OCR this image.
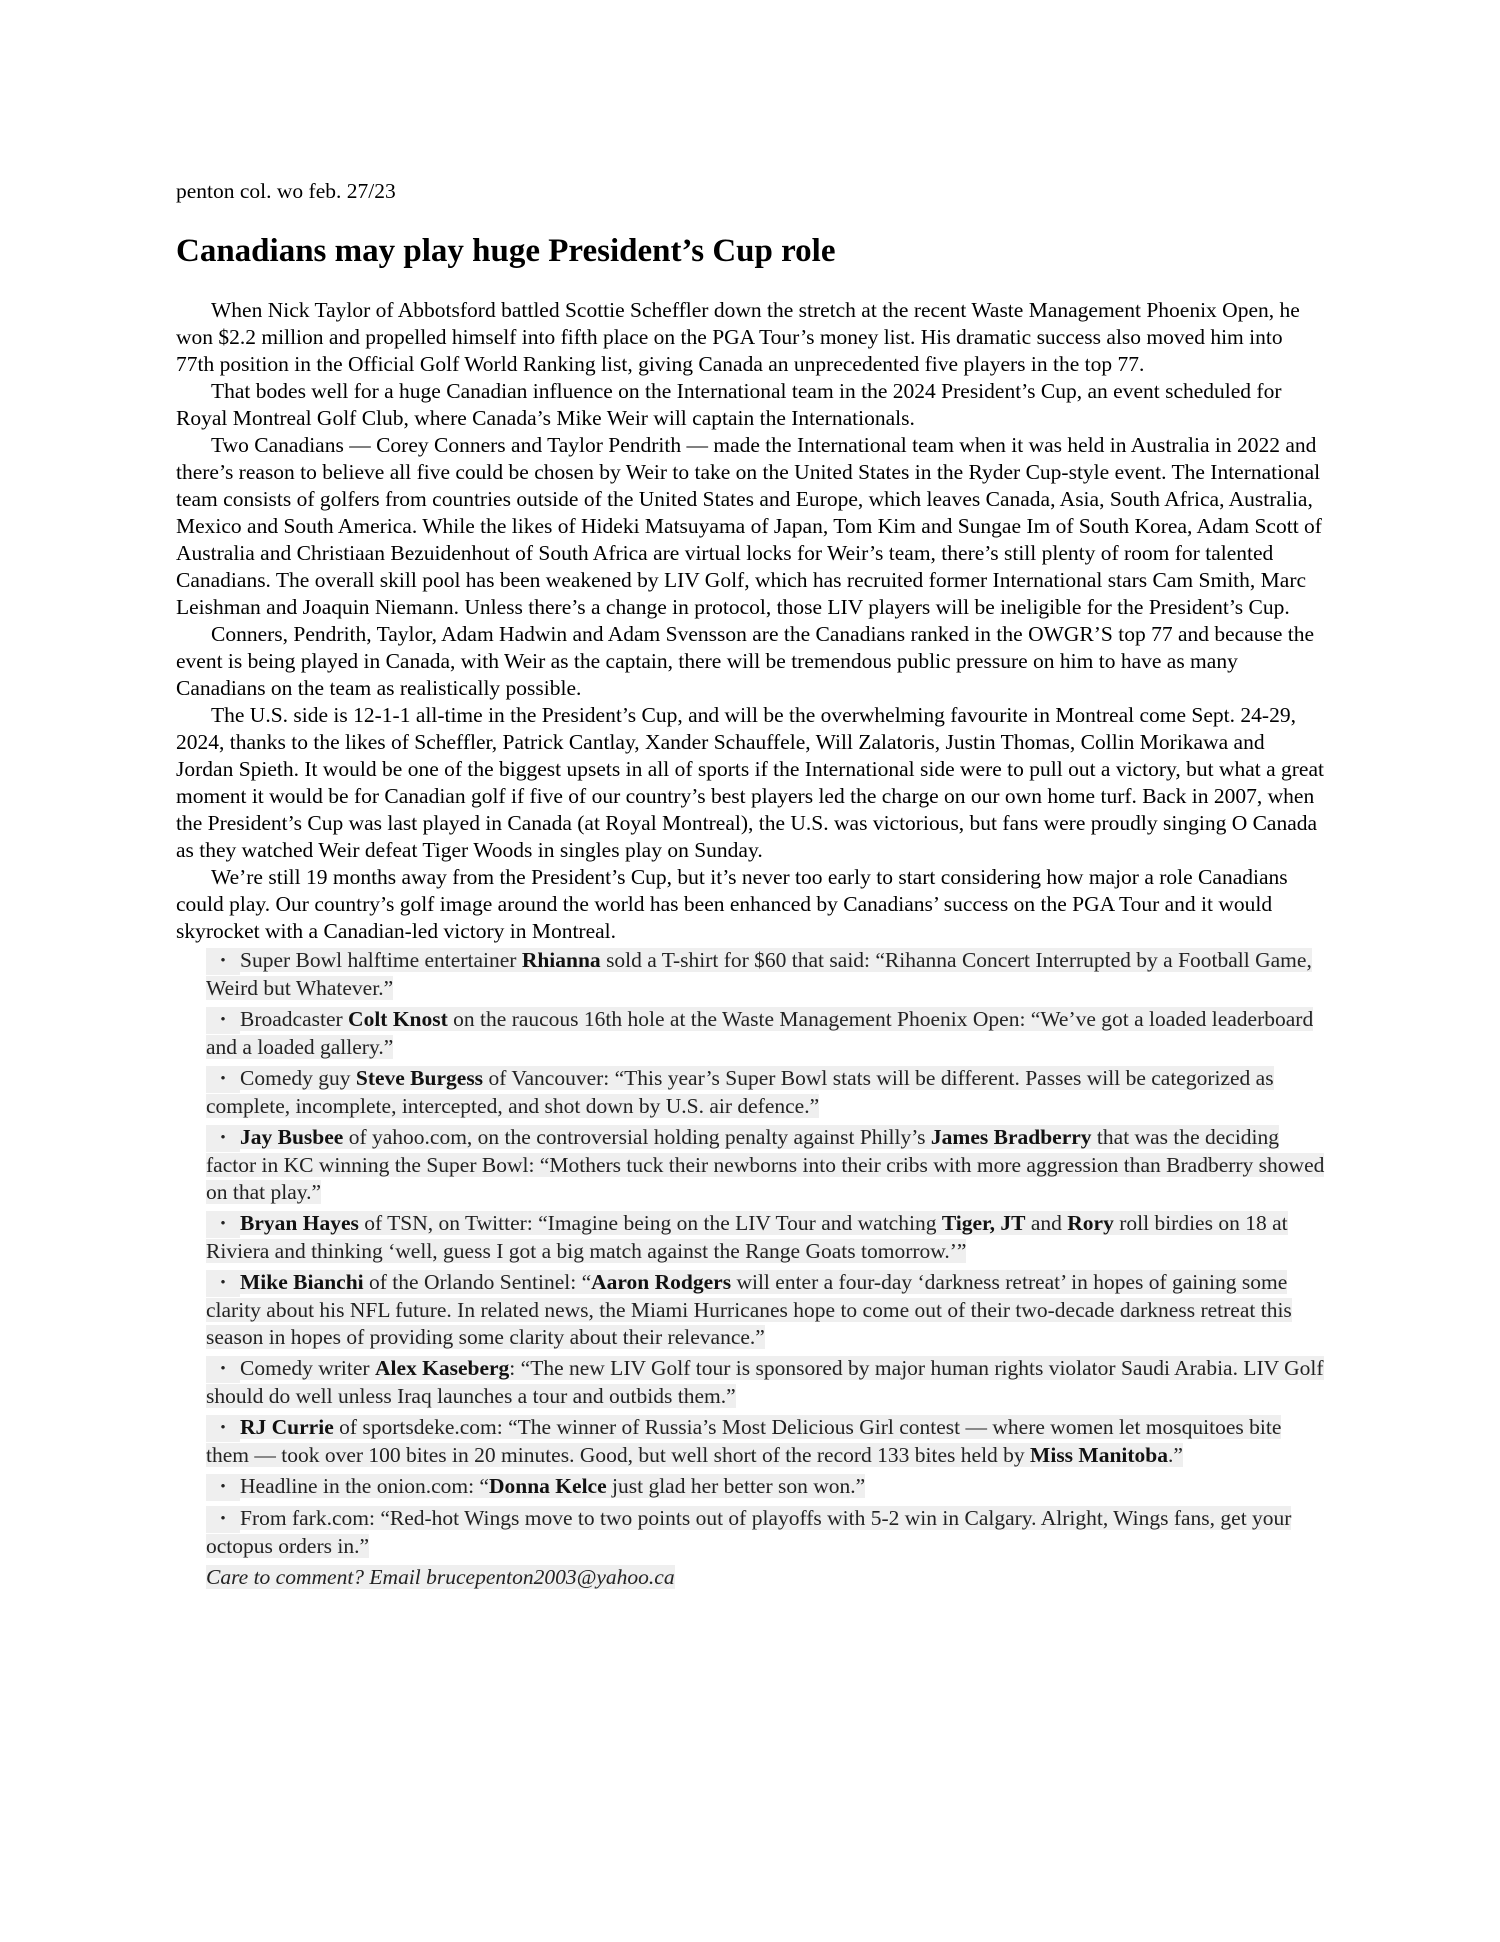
penton col. wo feb. 27/23

Canadians may play huge President’s Cup role

When Nick Taylor of Abbotsford battled Scottie Scheffler down the stretch at the recent Waste Management Phoenix Open, he won $2.2 million and propelled himself into fifth place on the PGA Tour’s money list. His dramatic success also moved him into 77th position in the Official Golf World Ranking list, giving Canada an unprecedented five players in the top 77.

That bodes well for a huge Canadian influence on the International team in the 2024 President’s Cup, an event scheduled for Royal Montreal Golf Club, where Canada’s Mike Weir will captain the Internationals.

Two Canadians — Corey Conners and Taylor Pendrith — made the International team when it was held in Australia in 2022 and there’s reason to believe all five could be chosen by Weir to take on the United States in the Ryder Cup-style event. The International team consists of golfers from countries outside of the United States and Europe, which leaves Canada, Asia, South Africa, Australia, Mexico and South America. While the likes of Hideki Matsuyama of Japan, Tom Kim and Sungae Im of South Korea, Adam Scott of Australia and Christiaan Bezuidenhout of South Africa are virtual locks for Weir’s team, there’s still plenty of room for talented Canadians. The overall skill pool has been weakened by LIV Golf, which has recruited former International stars Cam Smith, Marc Leishman and Joaquin Niemann. Unless there’s a change in protocol, those LIV players will be ineligible for the President’s Cup.

Conners, Pendrith, Taylor, Adam Hadwin and Adam Svensson are the Canadians ranked in the OWGR’S top 77 and because the event is being played in Canada, with Weir as the captain, there will be tremendous public pressure on him to have as many Canadians on the team as realistically possible.

The U.S. side is 12-1-1 all-time in the President’s Cup, and will be the overwhelming favourite in Montreal come Sept. 24-29, 2024, thanks to the likes of Scheffler, Patrick Cantlay, Xander Schauffele, Will Zalatoris, Justin Thomas, Collin Morikawa and Jordan Spieth. It would be one of the biggest upsets in all of sports if the International side were to pull out a victory, but what a great moment it would be for Canadian golf if five of our country’s best players led the charge on our own home turf. Back in 2007, when the President’s Cup was last played in Canada (at Royal Montreal), the U.S. was victorious, but fans were proudly singing O Canada as they watched Weir defeat Tiger Woods in singles play on Sunday.

We’re still 19 months away from the President’s Cup, but it’s never too early to start considering how major a role Canadians could play. Our country’s golf image around the world has been enhanced by Canadians’ success on the PGA Tour and it would skyrocket with a Canadian-led victory in Montreal.

• Super Bowl halftime entertainer Rhianna sold a T-shirt for $60 that said: “Rihanna Concert Interrupted by a Football Game, Weird but Whatever.”
• Broadcaster Colt Knost on the raucous 16th hole at the Waste Management Phoenix Open: “We’ve got a loaded leaderboard and a loaded gallery.”
• Comedy guy Steve Burgess of Vancouver: “This year’s Super Bowl stats will be different. Passes will be categorized as complete, incomplete, intercepted, and shot down by U.S. air defence.”
• Jay Busbee of yahoo.com, on the controversial holding penalty against Philly’s James Bradberry that was the deciding factor in KC winning the Super Bowl: “Mothers tuck their newborns into their cribs with more aggression than Bradberry showed on that play.”
• Bryan Hayes of TSN, on Twitter: “Imagine being on the LIV Tour and watching Tiger, JT and Rory roll birdies on 18 at Riviera and thinking ‘well, guess I got a big match against the Range Goats tomorrow.’”
• Mike Bianchi of the Orlando Sentinel: “Aaron Rodgers will enter a four-day ‘darkness retreat’ in hopes of gaining some clarity about his NFL future. In related news, the Miami Hurricanes hope to come out of their two-decade darkness retreat this season in hopes of providing some clarity about their relevance.”
• Comedy writer Alex Kaseberg: “The new LIV Golf tour is sponsored by major human rights violator Saudi Arabia. LIV Golf should do well unless Iraq launches a tour and outbids them.”
• RJ Currie of sportsdeke.com: “The winner of Russia’s Most Delicious Girl contest — where women let mosquitoes bite them — took over 100 bites in 20 minutes. Good, but well short of the record 133 bites held by Miss Manitoba.”
• Headline in the onion.com: “Donna Kelce just glad her better son won.”
• From fark.com: “Red-hot Wings move to two points out of playoffs with 5-2 win in Calgary. Alright, Wings fans, get your octopus orders in.”

Care to comment? Email brucepenton2003@yahoo.ca
